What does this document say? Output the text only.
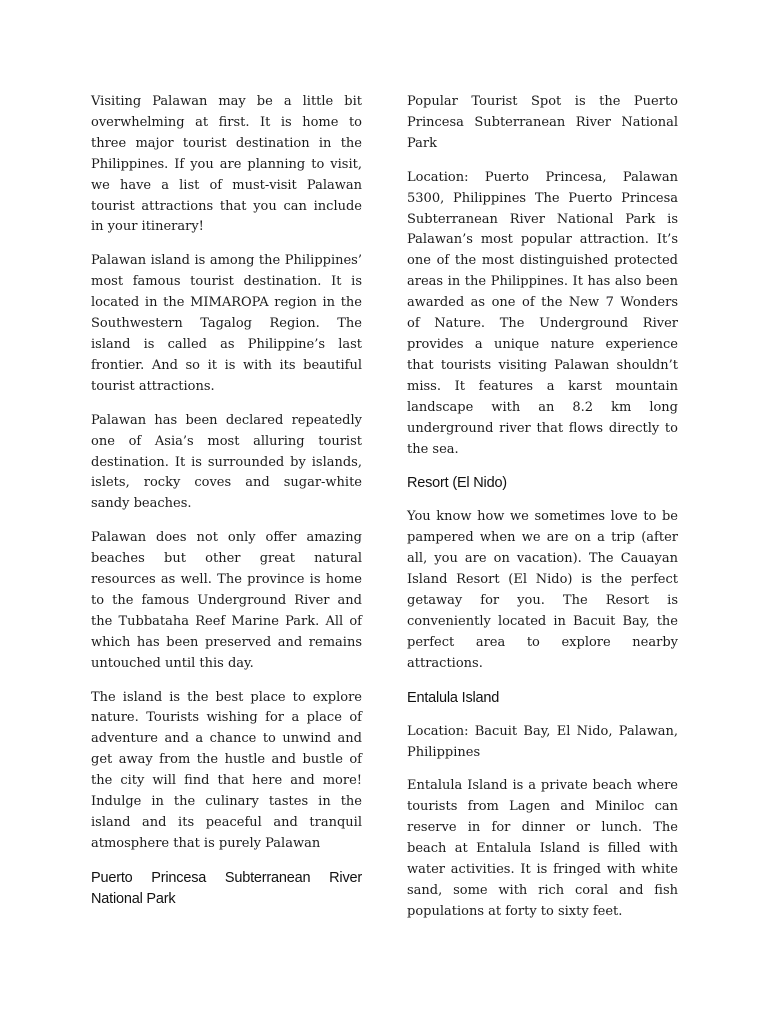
Visiting Palawan may be a little bit overwhelming at first. It is home to three major tourist destination in the Philippines. If you are planning to visit, we have a list of must-visit Palawan tourist attractions that you can include in your itinerary!

Palawan island is among the Philippines’ most famous tourist destination. It is located in the MIMAROPA region in the Southwestern Tagalog Region. The island is called as Philippine’s last frontier. And so it is with its beautiful tourist attractions.

Palawan has been declared repeatedly one of Asia’s most alluring tourist destination. It is surrounded by islands, islets, rocky coves and sugar-white sandy beaches.

Palawan does not only offer amazing beaches but other great natural resources as well. The province is home to the famous Underground River and the Tubbataha Reef Marine Park. All of which has been preserved and remains untouched until this day.

The island is the best place to explore nature. Tourists wishing for a place of adventure and a chance to unwind and get away from the hustle and bustle of the city will find that here and more! Indulge in the culinary tastes in the island and its peaceful and tranquil atmosphere that is purely Palawan

Puerto Princesa Subterranean River National Park

Popular Tourist Spot is the Puerto Princesa Subterranean River National Park

Location: Puerto Princesa, Palawan 5300, Philippines The Puerto Princesa Subterranean River National Park is Palawan’s most popular attraction. It’s one of the most distinguished protected areas in the Philippines. It has also been awarded as one of the New 7 Wonders of Nature. The Underground River provides a unique nature experience that tourists visiting Palawan shouldn’t miss. It features a karst mountain landscape with an 8.2 km long underground river that flows directly to the sea.

Resort (El Nido)

You know how we sometimes love to be pampered when we are on a trip (after all, you are on vacation). The Cauayan Island Resort (El Nido) is the perfect getaway for you. The Resort is conveniently located in Bacuit Bay, the perfect area to explore nearby attractions.

Entalula Island

Location: Bacuit Bay, El Nido, Palawan, Philippines

Entalula Island is a private beach where tourists from Lagen and Miniloc can reserve in for dinner or lunch. The beach at Entalula Island is filled with water activities. It is fringed with white sand, some with rich coral and fish populations at forty to sixty feet.
